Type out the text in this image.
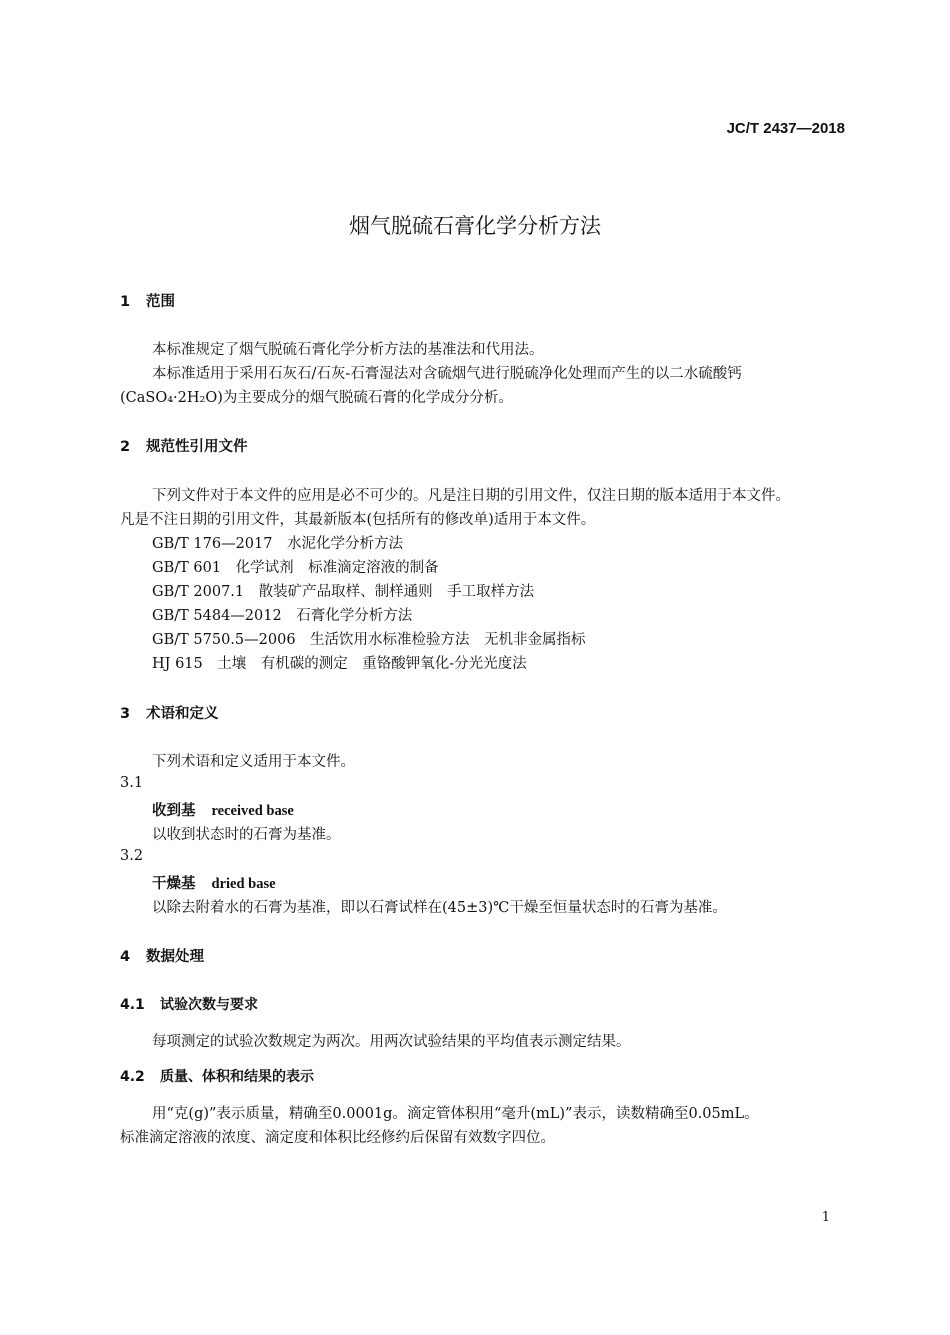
JC/T 2437—2018
烟气脱硫石膏化学分析方法
1 范围
本标准规定了烟气脱硫石膏化学分析方法的基准法和代用法。
本标准适用于采用石灰石/石灰-石膏湿法对含硫烟气进行脱硫净化处理而产生的以二水硫酸钙
(CaSO₄·2H₂O)为主要成分的烟气脱硫石膏的化学成分分析。
2 规范性引用文件
下列文件对于本文件的应用是必不可少的。凡是注日期的引用文件，仅注日期的版本适用于本文件。
凡是不注日期的引用文件，其最新版本(包括所有的修改单)适用于本文件。
GB/T 176—2017　水泥化学分析方法
GB/T 601　化学试剂　标准滴定溶液的制备
GB/T 2007.1　散装矿产品取样、制样通则　手工取样方法
GB/T 5484—2012　石膏化学分析方法
GB/T 5750.5—2006　生活饮用水标准检验方法　无机非金属指标
HJ 615　土壤　有机碳的测定　重铬酸钾氧化-分光光度法
3 术语和定义
下列术语和定义适用于本文件。
3.1
收到基 received base
以收到状态时的石膏为基准。
3.2
干燥基 dried base
以除去附着水的石膏为基准，即以石膏试样在(45±3)℃干燥至恒量状态时的石膏为基准。
4 数据处理
4.1 试验次数与要求
每项测定的试验次数规定为两次。用两次试验结果的平均值表示测定结果。
4.2 质量、体积和结果的表示
用“克(g)”表示质量，精确至0.0001g。滴定管体积用“毫升(mL)”表示，读数精确至0.05mL。
标准滴定溶液的浓度、滴定度和体积比经修约后保留有效数字四位。
1
